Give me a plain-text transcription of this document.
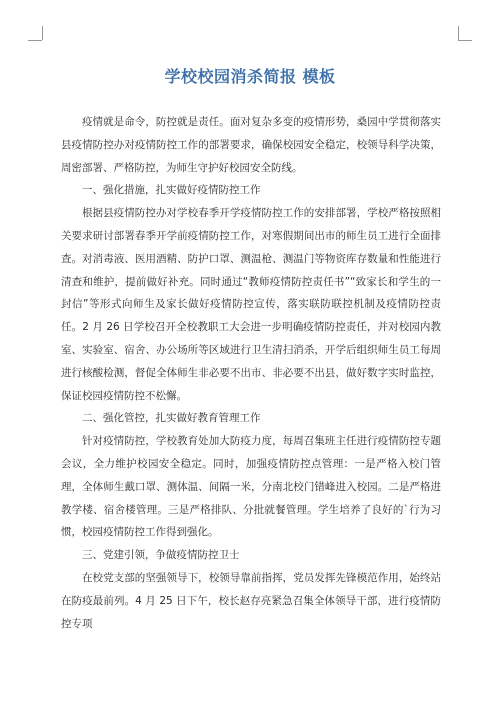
学校校园消杀简报 模板

疫情就是命令，防控就是责任。面对复杂多变的疫情形势，桑园中学贯彻落实县疫情防控办对疫情防控工作的部署要求，确保校园安全稳定，校领导科学决策，周密部署、严格防控，为师生守护好校园安全防线。

一、强化措施，扎实做好疫情防控工作

根据县疫情防控办对学校春季开学疫情防控工作的安排部署，学校严格按照相关要求研讨部署春季开学前疫情防控工作，对寒假期间出市的师生员工进行全面排查。对消毒液、医用酒精、防护口罩、测温枪、测温门等物资库存数量和性能进行清查和维护，提前做好补充。同时通过“教师疫情防控责任书”“致家长和学生的一封信”等形式向师生及家长做好疫情防控宣传，落实联防联控机制及疫情防控责任。2 月 26 日学校召开全校教职工大会进一步明确疫情防控责任，并对校园内教室、实验室、宿舍、办公场所等区域进行卫生清扫消杀，开学后组织师生员工每周进行核酸检测，督促全体师生非必要不出市、非必要不出县，做好数字实时监控，保证校园疫情防控不松懈。

二、强化管控，扎实做好教育管理工作

针对疫情防控，学校教育处加大防疫力度，每周召集班主任进行疫情防控专题会议，全力维护校园安全稳定。同时，加强疫情防控点管理：一是严格入校门管理，全体师生戴口罩、测体温、间隔一米，分南北校门错峰进入校园。二是严格进教学楼、宿舍楼管理。三是严格排队、分批就餐管理。学生培养了良好的`行为习惯，校园疫情防控工作得到强化。

三、党建引领，争做疫情防控卫士

在校党支部的坚强领导下，校领导靠前指挥，党员发挥先锋模范作用，始终站在防疫最前列。4 月 25 日下午，校长赵存亮紧急召集全体领导干部，进行疫情防控专项
